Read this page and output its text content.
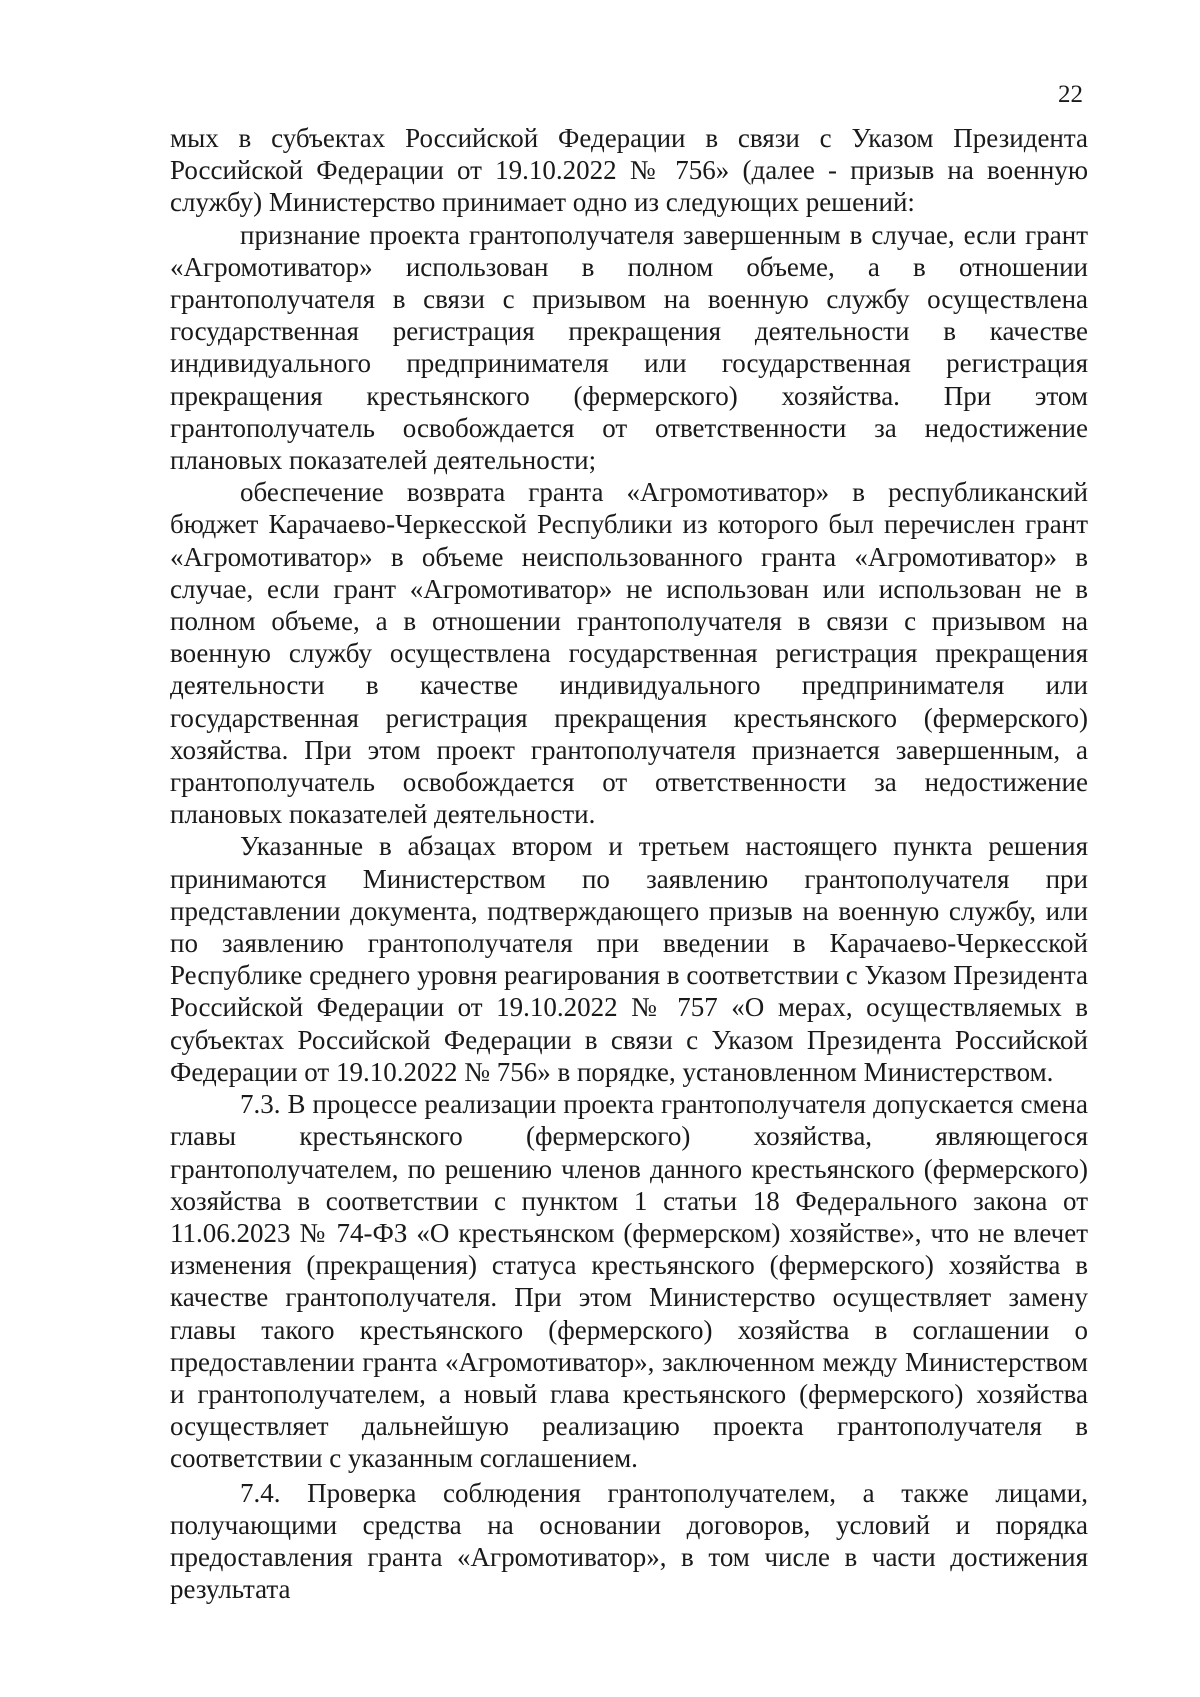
22

мых в субъектах Российской Федерации в связи с Указом Президента Российской Федерации от 19.10.2022 № 756» (далее - призыв на военную службу) Министерство принимает одно из следующих решений:

признание проекта грантополучателя завершенным в случае, если грант «Агромотиватор» использован в полном объеме, а в отношении грантополучателя в связи с призывом на военную службу осуществлена государственная регистрация прекращения деятельности в качестве индивидуального предпринимателя или государственная регистрация прекращения крестьянского (фермерского) хозяйства. При этом грантополучатель освобождается от ответственности за недостижение плановых показателей деятельности;

обеспечение возврата гранта «Агромотиватор» в республиканский бюджет Карачаево-Черкесской Республики из которого был перечислен грант «Агромотиватор» в объеме неиспользованного гранта «Агромотиватор» в случае, если грант «Агромотиватор» не использован или использован не в полном объеме, а в отношении грантополучателя в связи с призывом на военную службу осуществлена государственная регистрация прекращения деятельности в качестве индивидуального предпринимателя или государственная регистрация прекращения крестьянского (фермерского) хозяйства. При этом проект грантополучателя признается завершенным, а грантополучатель освобождается от ответственности за недостижение плановых показателей деятельности.

Указанные в абзацах втором и третьем настоящего пункта решения принимаются Министерством по заявлению грантополучателя при представлении документа, подтверждающего призыв на военную службу, или по заявлению грантополучателя при введении в Карачаево-Черкесской Республике среднего уровня реагирования в соответствии с Указом Президента Российской Федерации от 19.10.2022 № 757 «О мерах, осуществляемых в субъектах Российской Федерации в связи с Указом Президента Российской Федерации от 19.10.2022 № 756» в порядке, установленном Министерством.

7.3. В процессе реализации проекта грантополучателя допускается смена главы крестьянского (фермерского) хозяйства, являющегося грантополучателем, по решению членов данного крестьянского (фермерского) хозяйства в соответствии с пунктом 1 статьи 18 Федерального закона от 11.06.2023 № 74-ФЗ «О крестьянском (фермерском) хозяйстве», что не влечет изменения (прекращения) статуса крестьянского (фермерского) хозяйства в качестве грантополучателя. При этом Министерство осуществляет замену главы такого крестьянского (фермерского) хозяйства в соглашении о предоставлении гранта «Агромотиватор», заключенном между Министерством и грантополучателем, а новый глава крестьянского (фермерского) хозяйства осуществляет дальнейшую реализацию проекта грантополучателя в соответствии с указанным соглашением.

7.4. Проверка соблюдения грантополучателем, а также лицами, получающими средства на основании договоров, условий и порядка предоставления гранта «Агромотиватор», в том числе в части достижения результата
